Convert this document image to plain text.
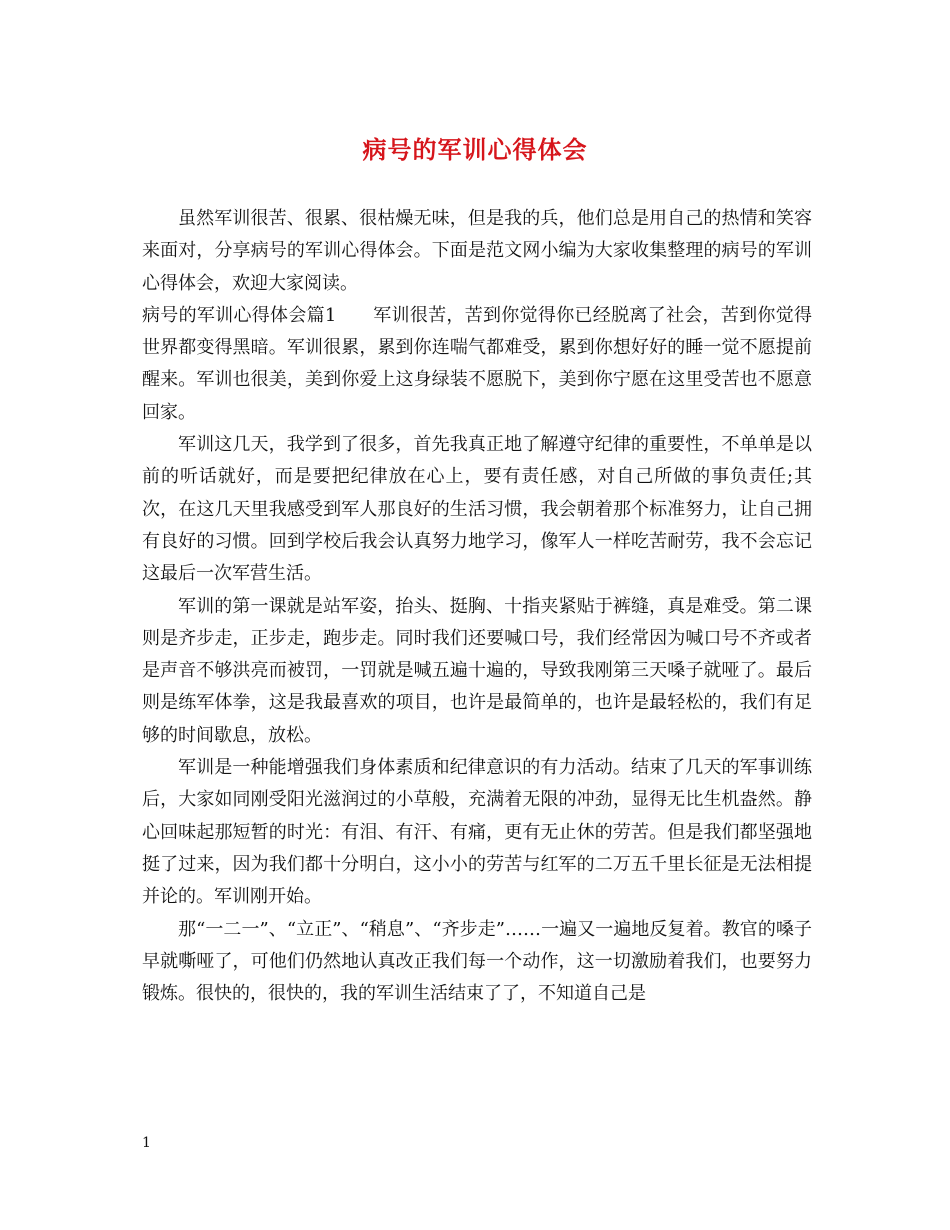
病号的军训心得体会

虽然军训很苦、很累、很枯燥无味，但是我的兵，他们总是用自己的热情和笑容来面对，分享病号的军训心得体会。下面是范文网小编为大家收集整理的病号的军训心得体会，欢迎大家阅读。

病号的军训心得体会篇1　　军训很苦，苦到你觉得你已经脱离了社会，苦到你觉得世界都变得黑暗。军训很累，累到你连喘气都难受，累到你想好好的睡一觉不愿提前醒来。军训也很美，美到你爱上这身绿装不愿脱下，美到你宁愿在这里受苦也不愿意回家。

军训这几天，我学到了很多，首先我真正地了解遵守纪律的重要性，不单单是以前的听话就好，而是要把纪律放在心上，要有责任感，对自己所做的事负责任;其次，在这几天里我感受到军人那良好的生活习惯，我会朝着那个标准努力，让自己拥有良好的习惯。回到学校后我会认真努力地学习，像军人一样吃苦耐劳，我不会忘记这最后一次军营生活。

军训的第一课就是站军姿，抬头、挺胸、十指夹紧贴于裤缝，真是难受。第二课则是齐步走，正步走，跑步走。同时我们还要喊口号，我们经常因为喊口号不齐或者是声音不够洪亮而被罚，一罚就是喊五遍十遍的，导致我刚第三天嗓子就哑了。最后则是练军体拳，这是我最喜欢的项目，也许是最简单的，也许是最轻松的，我们有足够的时间歇息，放松。

军训是一种能增强我们身体素质和纪律意识的有力活动。结束了几天的军事训练后，大家如同刚受阳光滋润过的小草般，充满着无限的冲劲，显得无比生机盎然。静心回味起那短暂的时光：有泪、有汗、有痛，更有无止休的劳苦。但是我们都坚强地挺了过来，因为我们都十分明白，这小小的劳苦与红军的二万五千里长征是无法相提并论的。军训刚开始。

那“一二一”、“立正”、“稍息”、“齐步走”……一遍又一遍地反复着。教官的嗓子早就嘶哑了，可他们仍然地认真改正我们每一个动作，这一切激励着我们，也要努力锻炼。很快的，很快的，我的军训生活结束了了，不知道自己是

1
